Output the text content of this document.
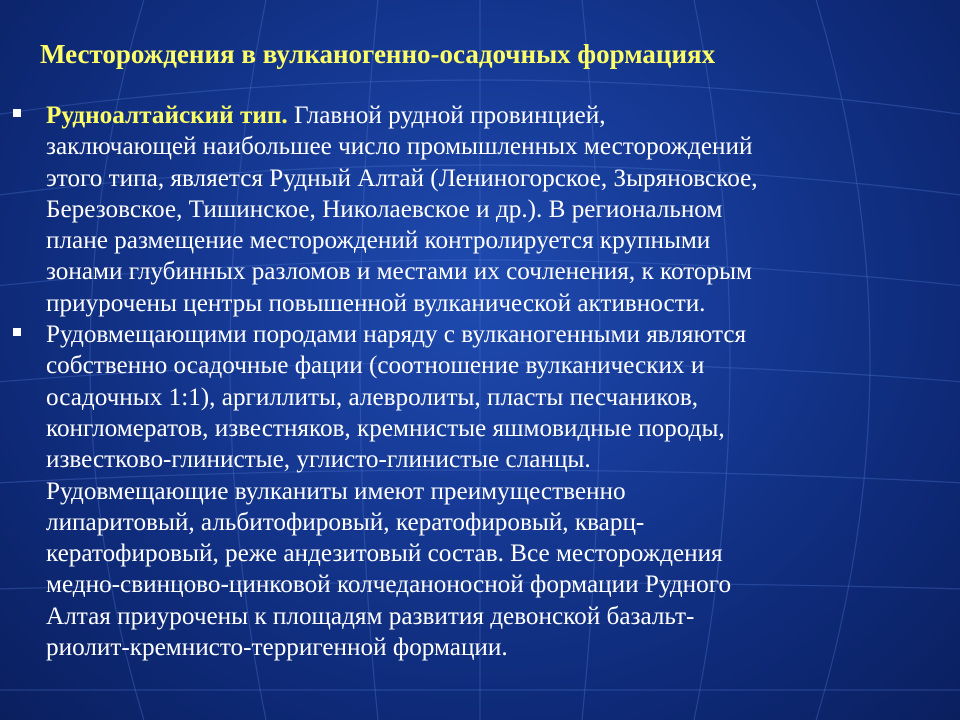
Месторождения в вулканогенно-осадочных формациях
Рудноалтайский тип. Главной рудной провинцией,
заключающей наибольшее число промышленных месторождений
этого типа, является Рудный Алтай (Лениногорское, Зыряновское,
Березовское, Тишинское, Николаевское и др.). В региональном
плане размещение месторождений контролируется крупными
зонами глубинных разломов и местами их сочленения, к которым
приурочены центры повышенной вулканической активности.
Рудовмещающими породами наряду с вулканогенными являются
собственно осадочные фации (соотношение вулканических и
осадочных 1:1), аргиллиты, алевролиты, пласты песчаников,
конгломератов, известняков, кремнистые яшмовидные породы,
известково-глинистые, углисто-глинистые сланцы.
Рудовмещающие вулканиты имеют преимущественно
липаритовый, альбитофировый, кератофировый, кварц-
кератофировый, реже андезитовый состав. Все месторождения
медно-свинцово-цинковой колчеданоносной формации Рудного
Алтая приурочены к площадям развития девонской базальт-
риолит-кремнисто-терригенной формации.
